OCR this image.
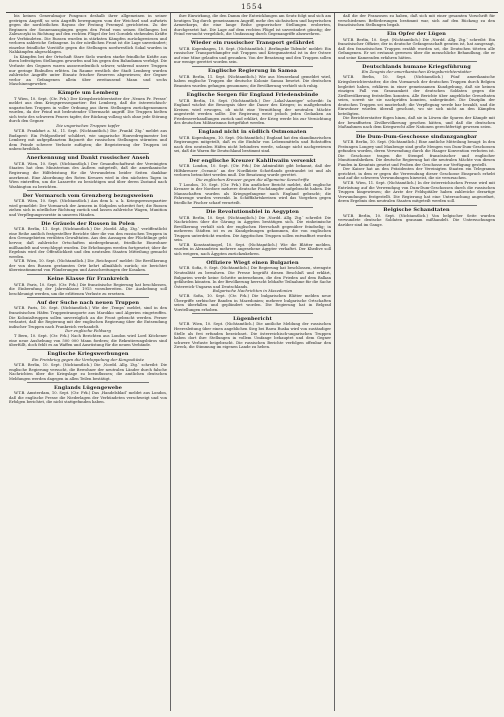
1554

bis keinen Generalmajor Pongracz deshalb ihrer allgemeinen in seiner gestrigen Angriff, so sein Angriffs bewegungen vom der Weichsel und aufwärts gegen die nordöstlichen Rayons der Festung Przemysl gerichteten. Zu der Beginnen der Sonnenausgängen gegen den Feind vom seinen Stellungen bei Zaleszczyki in Richtung auf den rechten Flügel der bei Gorodek stehenden Kräfte der Verbündeten. Die Russen wurden in stärksten Kämpfen zurückgewiesen und verloren zahlreiche Gefangene. In der nördlichen Front ist die Lage unverändert; einzelne feindliche Vorstöße gegen die Stellungen nordwestlich Sokal wurden in Nahkämpfen abgeschlagen.

In Kämpfen bei der Ortschaft Stare Sielo wurden starke feindliche Kräfte aus ihren befestigten Stellungen geworfen und bis gegen den Bahndamm verfolgt. Die Verluste des Gegners waren ausserordentlich schwer, während unsere Truppen nur geringe Einbußen erlitten. Im Raume westlich der Stadt Lemberg wurden zahlreiche Angriffe unter Einsatz frischer Reserven abgewiesen; der Gegner verlor an Gefangenen allein über zweitausend Mann und sechs Maschinengewehre.

Kämpfe um Lemberg

T Wien, 10. Sept. (Ctr. Frk.) Der Kriegsberichterstatter der ‚Neuen Fr. Presse‘ meldet aus dem Kriegspressequartier: Bei Lemberg, daß die österreichisch-ungarischen Truppen in voller Ordnung aus ihren Stellungen zurückgenommen wurden, da der Feind mit bedeutender Übermacht angriff. Die Truppen hielten sich trotz des schweren Feuers tapfer, der Rückzug vollzog sich ohne jede Störung durch den Gegner.

Die ungarischen Truppen tapfer

W.T.B. Frankfurt a. M., 11. Sept. (Nichtamtlich.) Die ‚Frankf. Ztg.‘ meldet aus Budapest: Ein Feldpostbrief schildert, wie ungarische Honvedregimenter bei Lemberg mit aufgepflanztem Bajonett die russischen Stellungen stürmten und dem Feinde schwere Verluste zufügten; die Begeisterung der Truppen ist unbeschreiblich.

Anerkennung und Dankt russischer Anseh

W.T.B. Wien, 10. Sept. (Nichtamtlich.) Der Gesandtschaftsrat der Vereinigten Staaten hat dem Ministerium des Äußern mitgeteilt, daß die amerikanische Regierung die Hilfeleistung für die Verwundeten beider Seiten dankbar anerkennt. Eine Abordnung des Roten Kreuzes wird in den nächsten Tagen in Wien eintreffen, um die Lazarette zu besichtigen und über deren Zustand nach Washington zu berichten.

Der Vormarsch vom Grenzberg bezugsweisen

W.T.B. Wien, 10. Sept. (Nichtamtlich.) Aus dem k. u. k. Kriegspressequartier wird gemeldet: Der Vormarsch der Armeen in Südpolen schreitet fort; die Russen ziehen sich in nördlicher Richtung zurück und lassen zahlreiche Wagen, Munition und Verpflegungsvorräte in unseren Händen.

Die Gräuels der Russen in Polen

W.T.B. Berlin, 11. Sept. (Nichtamtlich.) Die ‚Nordd. Allg. Ztg.‘ veröffentlicht eine Reihe amtlich festgestellter Berichte über die von den russischen Truppen in den Grenzgebieten verübten Gewalttaten. Aus den Aussagen der Flüchtlinge geht hervor, daß zahlreiche Ortschaften niedergebrannt, friedliche Einwohner mißhandelt und verschleppt wurden. Die Erhebungen werden fortgesetzt; über ihr Ergebnis wird der Öffentlichkeit und den neutralen Staaten Mitteilung gemacht werden.

W.T.B. Wien, 10. Sept. (Nichtamtlich.) Die ‚Reichspost‘ meldet: Die Bevölkerung der von den Russen geräumten Orte kehrt allmählich zurück; sie berichtet übereinstimmend von Plünderungen und Ausschreitungen der Kosaken.

Keine Klasse für Frankreich

W.T.B. Paris, 10. Sept. (Ctr. Frk.) Die französische Regierung hat beschlossen, die Einberufung der Jahresklasse 1915 vorzubereiten. Die Aushebung soll beschleunigt werden, um die erlittenen Verluste zu ersetzen.

Auf der Suche nach neuen Truppen

W.T.B. Paris, 10. Sept. (Nichtamtlich.) Wie der ‚Temps‘ meldet, sind in den französischen Häfen Truppentransporte aus Marokko und Algerien eingetroffen. Die Kolonialtruppen sollen unverzüglich an die Front gebracht werden. Ferner verlautet, daß die Regierung mit der englischen Regierung über die Entsendung indischer Truppen nach Frankreich verhandelt.

Der englische Feldsarg

T Bern, 10. Sept. (Ctr. Frk.) Nach Berichten aus London wird Lord Kitchener eine neue Aushebung von 500 000 Mann fordern; die Rekrutierungsbüros sind überfüllt, doch fehlt es an Waffen und Ausrüstung für die neuen Verbände.

Englische Kriegswerbungen
Ein Preiskrieg gegen die Verdoppelung der Kongooküste

W.T.B. Berlin, 10. Sept. (Nichtamtlich.) Die ‚Nordd. Allg. Ztg.‘ schreibt: Die englische Regierung versucht, die Bewohner der neutralen Länder durch falsche Nachrichten über die Kriegslage zu beeinflussen; die amtlichen deutschen Meldungen werden dagegen in allen Teilen bestätigt.

Englands Lügengewebe

W.T.B. Amsterdam, 10. Sept. (Ctr. Frk.) Das ‚Handelsblad‘ meldet aus London, daß die englische Presse die Niederlagen der Verbündeten verschweigt und von Erfolgen berichtet, die nicht stattgefunden haben.

ihre Einwirkung, die den Damm der Entwicklungen am Seutz folgt und sich am heutigen Tag durch gemeinsamen Angriff, mehr des sächsischen und bayerischen Armeekorps, die eine lange Reihe gegnerischer Stellungen eroberten, durchgesetzt hat. Die Lage auf dem rechten Flügel ist unverändert günstig; der Feind versucht vergeblich, die Umfassung durch Gegenangriffe abzuwehren.

Wieder ein russischer Transport gefährdet

W.T.B. Kopenhagen, 10. Sept. (Nichtamtlich.) ‚Berlingske Tidende‘ meldet: Ein russischer Transportdampfer mit Truppen und Kriegsmaterial ist in der Ostsee auf eine Mine gelaufen und gesunken. Von der Besatzung und den Truppen sollen nur wenige gerettet worden sein.

Englische Regierung in Samoa

W.T.B. Berlin, 11. Sept. (Nichtamtlich.) Wie aus Neuseeland gemeldet wird, haben englische Truppen die deutsche Kolonie Samoa besetzt. Die deutschen Beamten wurden gefangen genommen; die Bevölkerung verhielt sich ruhig.

Englische Sorgen für England Friedensbünde

W.T.B. Berlin, 10. Sept. (Nichtamtlich.) Der ‚Lokal-Anzeiger‘ schreibt: In England wächst die Besorgnis über die Dauer des Krieges; in maßgebenden Kreisen wird erwogen, ob nicht eine Vermittlung der neutralen Mächte angestrebt werden sollte. Die Regierung weist jedoch jeden Gedanken an Friedensverhandlungen zurück und erklärt, der Krieg werde bis zur Vernichtung des deutschen Militarismus fortgeführt werden.

England nicht in südlich Ostmonaten

W.T.B. Kopenhagen, 10. Sept. (Nichtamtlich.) England hat den skandinavischen Regierungen mitgeteilt, daß es die Einfuhr von Lebensmitteln und Rohstoffen nach den neutralen Häfen nicht behindern werde, solange nicht nachgewiesen sei, daß die Waren für Deutschland bestimmt sind.

Der englische Kreuzer Kahlilwaiin versenkt

W.T.B. London, 10. Sept. (Ctr. Frk.) Die Admiralität gibt bekannt, daß der Hilfskreuzer ‚Oceanic‘ an der Nordküste Schottlands gestrandet ist und als verloren betrachtet werden muß. Die Besatzung wurde gerettet.

Die englischen Kreuzer gegen die allgemeine Seeschrifte

T London, 10. Sept. (Ctr. Frk.) Ein amtlicher Bericht meldet, daß englische Kreuzer in der Nordsee mehrere deutsche Fischdampfer aufgebracht haben. Die Mannschaften wurden als Kriegsgefangene nach England gebracht; die Fahrzeuge wurden versenkt. In Schifffahrtskreisen wird das Vorgehen gegen friedliche Fischer scharf verurteilt.

Die Revolutionsbiel in Aegypten

W.T.B. Berlin, 10. Sept. (Nichtamtlich.) Die ‚Nordd. Allg. Ztg.‘ schreibt: Die Nachrichten über die Gärung in Ägypten bestätigen sich. Die einheimische Bevölkerung verhält sich der englischen Herrschaft gegenüber feindselig; in mehreren Städten ist es zu Kundgebungen gekommen, die von englischen Truppen unterdrückt wurden. Die ägyptischen Truppen sollen entwaffnet worden sein.

W.T.B. Konstantinopel, 10. Sept. (Nichtamtlich.) Wie die Blätter melden, wurden in Alexandrien mehrere angesehene Ägypter verhaftet. Der Khedive soll sich weigern, nach Ägypten zurückzukehren.

Offiziere Wiegt einen Bulgarien

W.T.B. Sofia, 9. Sept. (Nichtamtlich.) Die Regierung hat beschlossen, strengste Neutralität zu bewahren. Die Presse begrüßt diesen Beschluß und erklärt, Bulgarien werde keine Schritte unternehmen, die den Frieden auf dem Balkan gefährden könnten. In der Bevölkerung herrscht lebhafte Teilnahme für die Sache Österreich-Ungarns und Deutschlands.

Bulgarische Nachrichten in Mazedonien

W.T.B. Sofia, 10. Sept. (Ctr. Frk.) Die bulgarischen Blätter melden neue Übergriffe serbischer Banden in Mazedonien; mehrere bulgarische Ortschaften seien überfallen und geplündert worden. Die Regierung hat in Belgrad Vorstellungen erhoben.

Lügenbericht

W.T.B. Wien, 10. Sept. (Nichtamtlich.) Die amtliche Meldung der russischen Heeresleitung über einen angeblichen Sieg bei Rawa Ruska wird von zuständiger Stelle als frei erfunden bezeichnet. Die österreichisch-ungarischen Truppen haben dort ihre Stellungen in vollem Umfange behauptet und dem Gegner schwere Verluste beigebracht. Die russischen Berichte verfolgen offenbar den Zweck, die Stimmung im eigenen Lande zu heben.

daß die der Franzosen zu haben, daß sich mit einer gesamten Vorschrift für verschiedenen Beförderungen bestimmt war, sich auf den Rückzug zu den französischen Stellungen begab.

Ein Opfer der Lügen

W.T.B. Berlin, 10. Sept. (Nichtamtlich.) Die ‚Nordd. Allg. Ztg.‘ schreibt: Ein französischer Offizier, der in deutsche Gefangenschaft geraten ist, hat ausgesagt, daß den französischen Truppen erzählt worden sei, die Deutschen töteten alle Gefangenen. Er sei erstaunt gewesen über die menschliche Behandlung, die er und seine Kameraden erfahren hätten.

Deutschlands humane Kriegsführung
Ein Zeugnis der amerikanischen Kriegsberichterstatter

W.T.B. Berlin, 10. Sept. (Nichtamtlich.) Fünf amerikanische Kriegsberichterstatter, die den Vormarsch der deutschen Truppen durch Belgien begleitet haben, erklären in einer gemeinsamen Kundgebung, daß sie keinen einzigen Fall von Grausamkeit der deutschen Soldaten gegen die Zivilbevölkerung feststellen konnten. Alle Berichte über angebliche Greueltaten seien, soweit sie sie nachprüfen konnten, unbegründet. Die Disziplin der deutschen Truppen sei musterhaft; die Verpflegung werde bar bezahlt, und die Einwohner würden überall geschont, wo sie sich nicht an den Kämpfen beteiligten.

Die Berichterstatter fügen hinzu, daß sie in Löwen die Spuren der Kämpfe mit der bewaffneten Zivilbevölkerung gesehen hätten, und daß die deutschen Maßnahmen nach dem Kriegsrecht aller Nationen gerechtfertigt gewesen seien.

Die Dum-Dum-Geschosse sindanzgangbar

W.T.B. Berlin, 10. Sept. (Nichtamtlich.) Eine amtliche Mitteilung besagt: In den Festungen Longwy und Maubeuge sind große Mengen von Dum-Dum-Geschossen gefunden worden, deren Verwendung durch die Haager Konvention verboten ist. Die Geschosse tragen die Stempel französischer und englischer Munitionsfabriken. Die deutsche Regierung hat die neutralen Mächte von diesen Funden in Kenntnis gesetzt und Proben der Geschosse zur Verfügung gestellt.

Der Kaiser hat an den Präsidenten der Vereinigten Staaten ein Telegramm gerichtet, in dem er gegen die Verwendung dieser Geschosse Einspruch erhebt und auf die schweren Verwundungen hinweist, die sie verursachen.

W.T.B. Wien, 11. Sept. (Nichtamtlich.) In der österreichischen Presse wird mit Entrüstung auf die Verwendung von Dum-Dum-Geschossen durch die russischen Truppen hingewiesen; die Ärzte der Feldspitäler haben zahlreiche derartige Verwundungen festgestellt. Die Regierung hat eine Untersuchung angeordnet, deren Ergebnis den neutralen Staaten mitgeteilt werden soll.

Belgische Schandtaten

W.T.B. Berlin, 10. Sept. (Nichtamtlich.) Von belgischer Seite wurden verwundete deutsche Soldaten grausam mißhandelt. Die Untersuchungen darüber sind im Gange.
